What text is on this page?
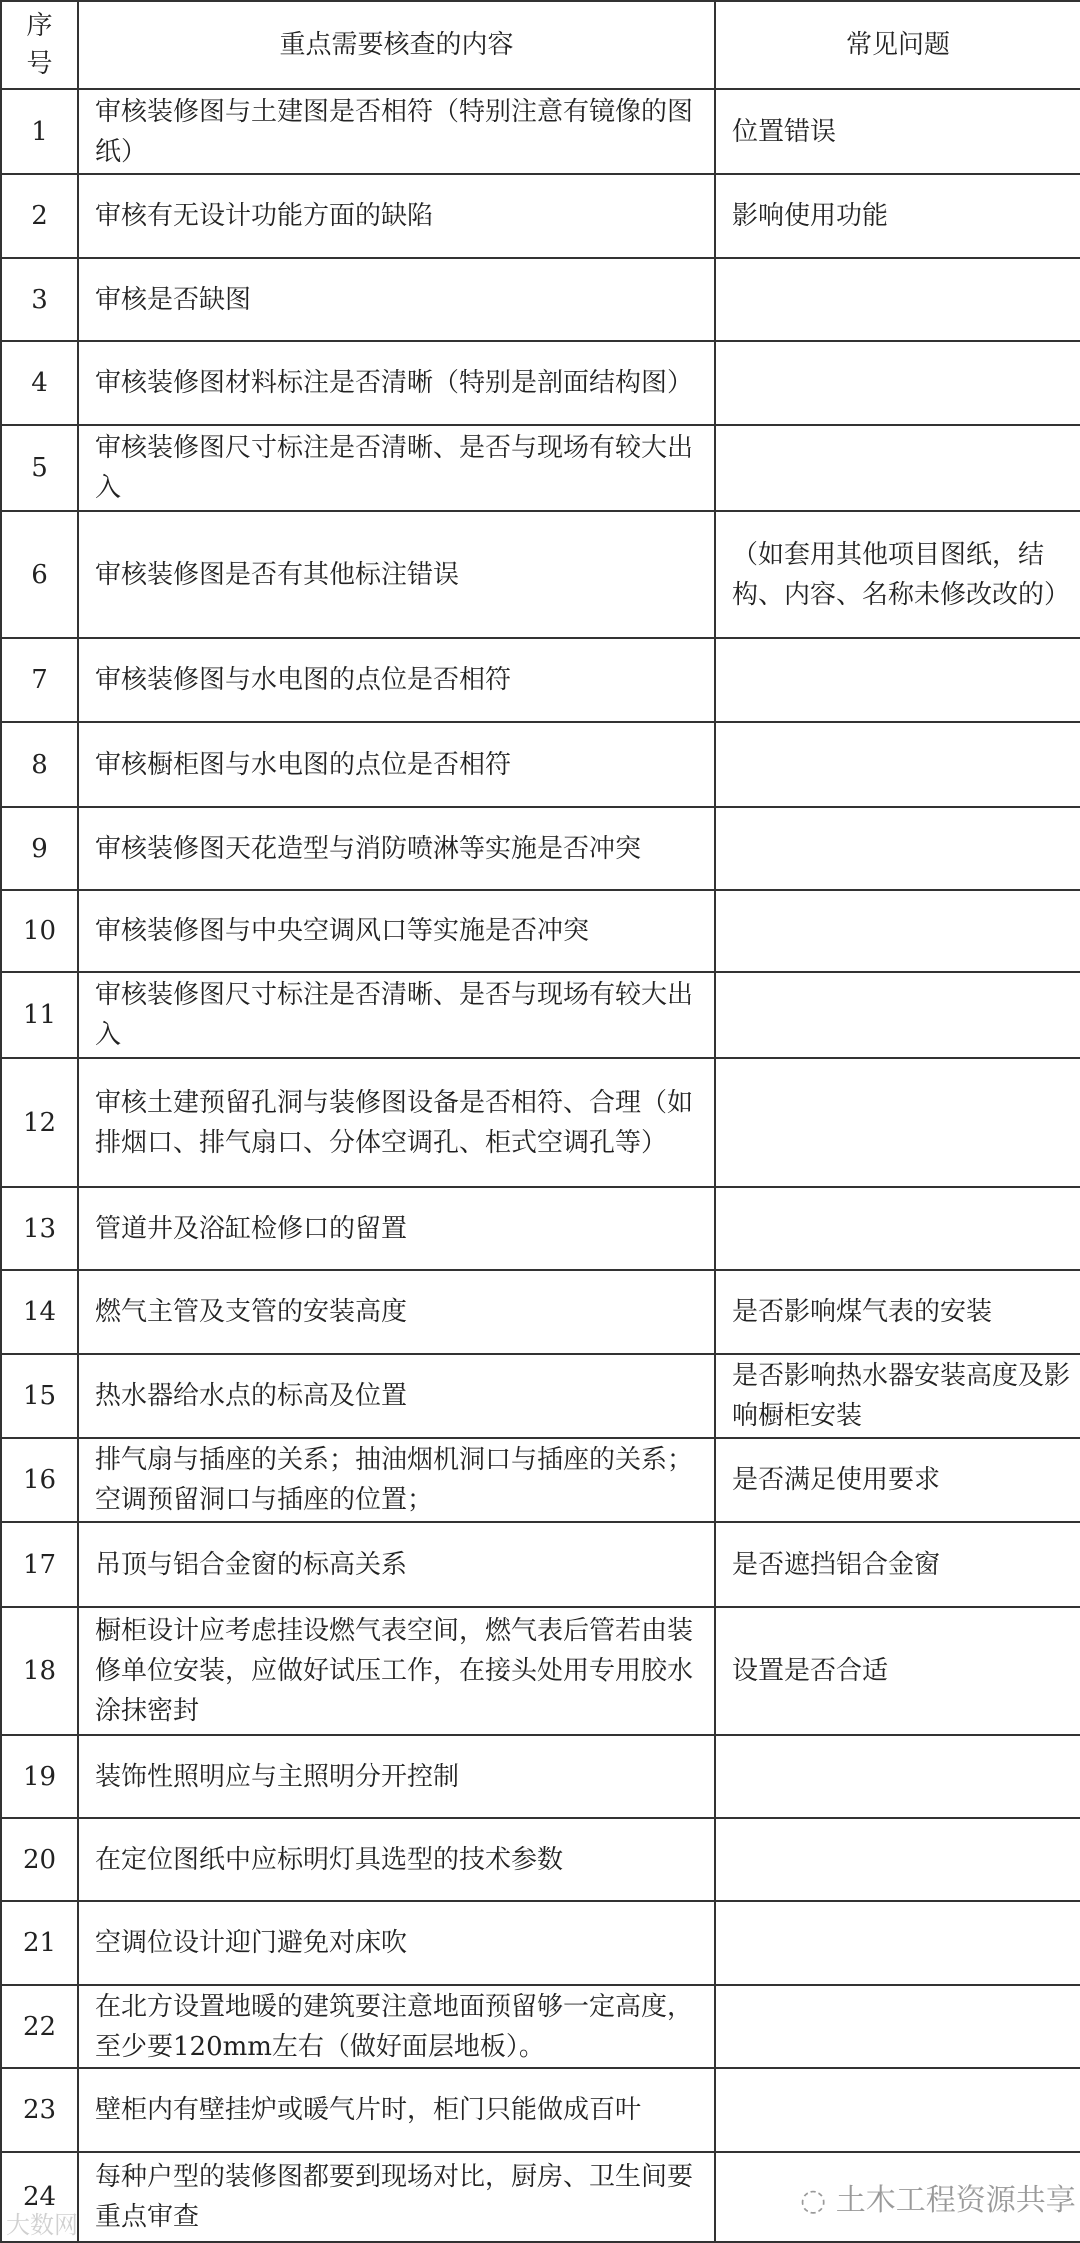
序号	重点需要核查的内容	常见问题
1	审核装修图与土建图是否相符（特别注意有镜像的图纸）	位置错误
2	审核有无设计功能方面的缺陷	影响使用功能
3	审核是否缺图	
4	审核装修图材料标注是否清晰（特别是剖面结构图）	
5	审核装修图尺寸标注是否清晰、是否与现场有较大出入	
6	审核装修图是否有其他标注错误	（如套用其他项目图纸，结构、内容、名称未修改改的）
7	审核装修图与水电图的点位是否相符	
8	审核橱柜图与水电图的点位是否相符	
9	审核装修图天花造型与消防喷淋等实施是否冲突	
10	审核装修图与中央空调风口等实施是否冲突	
11	审核装修图尺寸标注是否清晰、是否与现场有较大出入	
12	审核土建预留孔洞与装修图设备是否相符、合理（如排烟口、排气扇口、分体空调孔、柜式空调孔等）	
13	管道井及浴缸检修口的留置	
14	燃气主管及支管的安装高度	是否影响煤气表的安装
15	热水器给水点的标高及位置	是否影响热水器安装高度及影响橱柜安装
16	排气扇与插座的关系；抽油烟机洞口与插座的关系；空调预留洞口与插座的位置；	是否满足使用要求
17	吊顶与铝合金窗的标高关系	是否遮挡铝合金窗
18	橱柜设计应考虑挂设燃气表空间，燃气表后管若由装修单位安装，应做好试压工作，在接头处用专用胶水涂抹密封	设置是否合适
19	装饰性照明应与主照明分开控制	
20	在定位图纸中应标明灯具选型的技术参数	
21	空调位设计迎门避免对床吹	
22	在北方设置地暖的建筑要注意地面预留够一定高度，至少要120mm左右（做好面层地板）。	
23	壁柜内有壁挂炉或暖气片时，柜门只能做成百叶	
24	每种户型的装修图都要到现场对比，厨房、卫生间要重点审查		◌ 土木工程资源共享
大数网
